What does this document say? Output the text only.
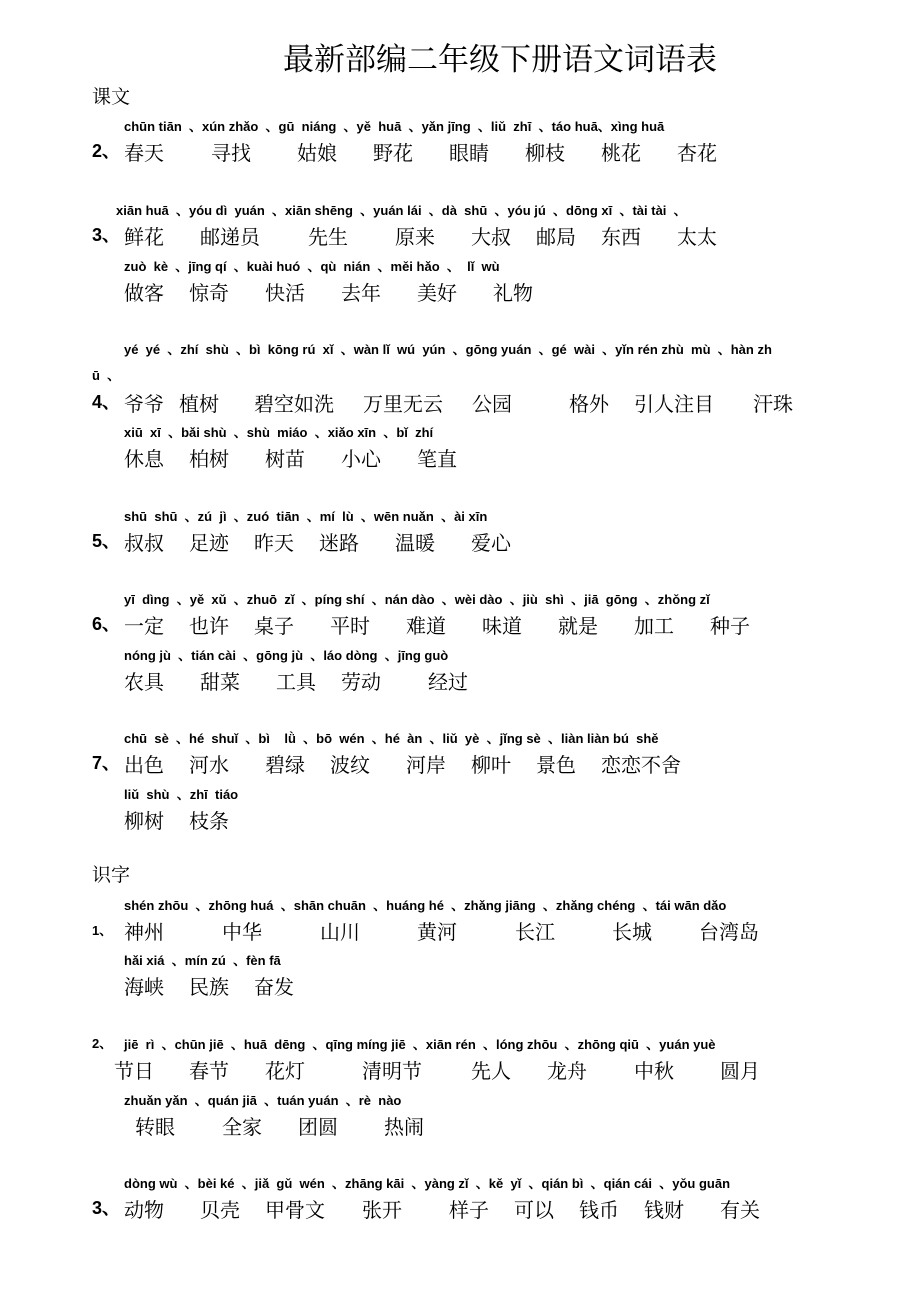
最新部编二年级下册语文词语表
课文
chūn tiān  、xún zhǎo  、gū  niáng  、yě  huā  、yǎn jīng  、liǔ  zhī  、táo huā、xìng huā
2、 春天 寻找 姑娘 野花 眼睛 柳枝 桃花 杏花
xiān huā  、yóu dì  yuán  、xiān shēng  、yuán lái  、dà  shū  、yóu jú  、dōng xī  、tài tài  、
3、 鲜花 邮递员 先生 原来 大叔 邮局 东西 太太
zuò  kè  、jīng qí  、kuài huó  、qù  nián  、měi hǎo  、  lǐ  wù
做客 惊奇 快活 去年 美好 礼物
yé  yé  、zhí  shù  、bì  kōng rú  xǐ  、wàn lǐ  wú  yún  、gōng yuán  、gé  wài  、yǐn rén zhù  mù  、hàn zh
ū  、
4、 爷爷 植树 碧空如洗 万里无云 公园	格外 引人注目 汗珠
xiū  xī  、bǎi shù  、shù  miáo  、xiǎo xīn  、bǐ  zhí
休息 柏树 树苗 小心 笔直
shū  shū  、zú  jì  、zuó  tiān  、mí  lù  、wēn nuǎn  、ài xīn
5、 叔叔 足迹 昨天 迷路 温暖 爱心
yī  dìng  、yě  xǔ  、zhuō  zǐ  、píng shí  、nán dào  、wèi dào  、jiù  shì  、jiā  gōng  、zhǒng zǐ
6、 一定 也许 桌子 平时 难道 味道 就是 加工 种子
nóng jù  、tián cài  、gōng jù  、láo dòng  、jīng guò
农具 甜菜 工具 劳动 经过
chū  sè  、hé  shuǐ  、bì    lǜ  、bō  wén  、hé  àn  、liǔ  yè  、jǐng sè  、liàn liàn bú  shě
7、 出色 河水 碧绿 波纹 河岸 柳叶 景色 恋恋不舍
liǔ  shù  、zhī  tiáo
柳树 枝条
识字
shén zhōu  、zhōng huá  、shān chuān  、huáng hé  、zhǎng jiāng  、zhǎng chéng  、tái wān dǎo
1、 神州	中华	山川	黄河	长江	长城 台湾岛
hǎi xiá  、mín zú  、fèn fā
海峡 民族 奋发
2、 jiē  rì  、chūn jiē  、huā  dēng  、qīng míng jiē  、xiān rén  、lóng zhōu  、zhōng qiū  、yuán yuè
节日 春节 花灯	清明节 先人 龙舟 中秋 圆月
zhuǎn yǎn  、quán jiā  、tuán yuán  、rè  nào
转眼 全家 团圆 热闹
dòng wù  、bèi ké  、jiǎ  gǔ  wén  、zhāng kāi  、yàng zǐ  、kě  yǐ  、qián bì  、qián cái  、yǒu guān
3、 动物 贝壳 甲骨文 张开 样子 可以 钱币 钱财 有关
